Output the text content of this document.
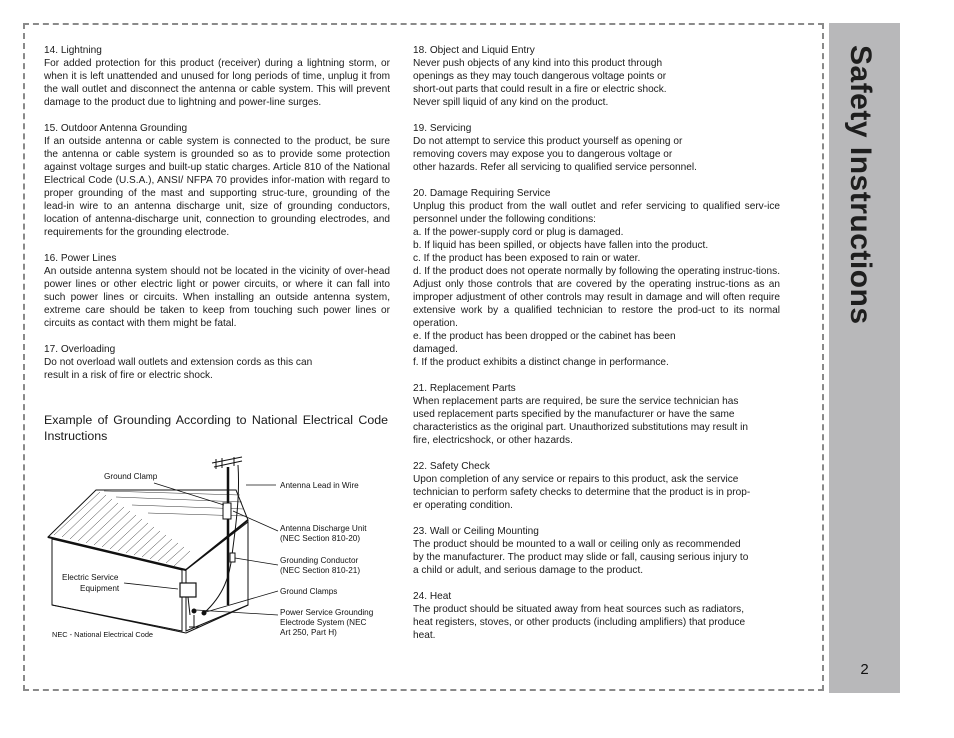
Safety Instructions
2
14. Lightning
For added protection for this product (receiver) during a lightning storm, or when it is left unattended and unused for long periods of time, unplug it from the wall outlet and disconnect the antenna or cable system. This will prevent damage to the product due to lightning and power-line surges.
15. Outdoor Antenna Grounding
If an outside antenna or cable system is connected to the product, be sure the antenna or cable system is grounded so as to provide some protection against voltage surges and built-up static charges. Article 810 of the National Electrical Code (U.S.A.), ANSI/ NFPA 70 provides infor-mation with regard to proper grounding of the mast and supporting struc-ture, grounding of the lead-in wire to an antenna discharge unit, size of grounding conductors, location of antenna-discharge unit, connection to grounding electrodes, and requirements for the grounding electrode.
16. Power Lines
An outside antenna system should not be located in the vicinity of over-head power lines or other electric light or power circuits, or where it can fall into such power lines or circuits. When installing an outside antenna system, extreme care should be taken to keep from touching such power lines or circuits as contact with them might be fatal.
17. Overloading
Do not overload wall outlets and extension cords as this can
result in a risk of fire or electric shock.
Example of Grounding According to National Electrical Code Instructions
Ground Clamp
Antenna Lead in Wire
Antenna Discharge Unit
(NEC Section 810-20)
Grounding Conductor
(NEC Section 810-21)
Ground Clamps
Electric Service
Equipment
Power Service Grounding
Electrode System (NEC
Art 250, Part H)
NEC - National Electrical Code
18. Object and Liquid Entry
Never push objects of any kind into this product through
openings as they may touch dangerous voltage points or
short-out parts that could result in a fire or electric shock.
Never spill liquid of any kind on the product.
19. Servicing
Do not attempt to service this product yourself as opening or
removing covers may expose you to dangerous voltage or
other hazards. Refer all servicing to qualified service personnel.
20. Damage Requiring Service
Unplug this product from the wall outlet and refer servicing to qualified serv-ice personnel under the following conditions:
a. If the power-supply cord or plug is damaged.
b. If liquid has been spilled, or objects have fallen into the product.
c. If the product has been exposed to rain or water.
d. If the product does not operate normally by following the operating instruc-tions. Adjust only those controls that are covered by the operating instruc-tions as an improper adjustment of other controls may result in damage and will often require extensive work by a qualified technician to restore the prod-uct to its normal operation.
e. If the product has been dropped or the cabinet has been
damaged.
f. If the product exhibits a distinct change in performance.
21. Replacement Parts
When replacement parts are required, be sure the service technician has
used replacement parts specified by the manufacturer or have the same
characteristics as the original part. Unauthorized substitutions may result in
fire, electricshock, or other hazards.
22. Safety Check
Upon completion of any service or repairs to this product, ask the service
technician to perform safety checks to determine that the product is in prop-
er operating condition.
23. Wall or Ceiling Mounting
The product should be mounted to a wall or ceiling only as recommended
by the manufacturer. The product may slide or fall, causing serious injury to
a child or adult, and serious damage to the product.
24. Heat
The product should be situated away from heat sources such as radiators,
heat registers, stoves, or other products (including amplifiers) that produce
heat.
